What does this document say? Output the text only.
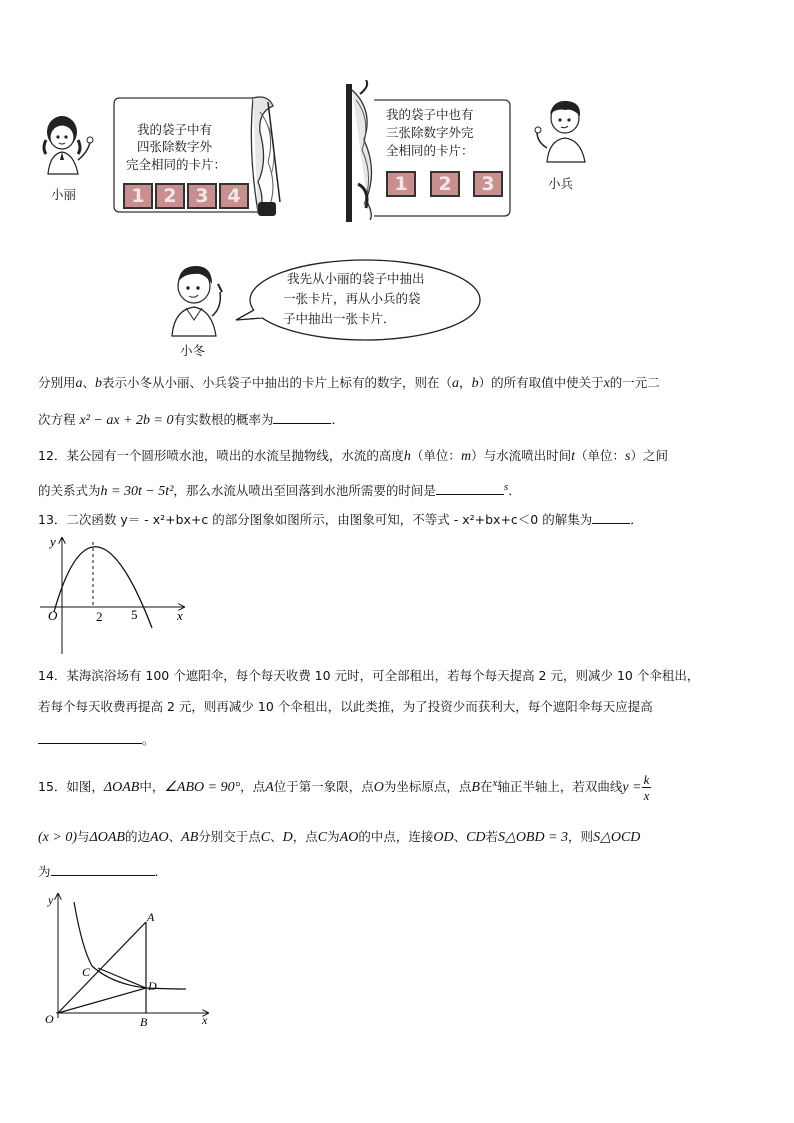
小丽
我的袋子中有
四张除数字外
完全相同的卡片：
1 2 3 4
我的袋子中也有
三张除数字外完
全相同的卡片：
1	2	3	小兵
小冬
我先从小丽的袋子中抽出
一张卡片，再从小兵的袋
子中抽出一张卡片．
分别用a、b表示小冬从小丽、小兵袋子中抽出的卡片上标有的数字，则在（a，b）的所有取值中使关于x的一元二
次方程 x² − ax + 2b = 0有实数根的概率为	．
12．某公园有一个圆形喷水池，喷出的水流呈抛物线，水流的高度h（单位：m）与水流喷出时间t（单位：s）之间
的关系式为h = 30t − 5t²，那么水流从喷出至回落到水池所需要的时间是	s．
13．二次函数 y＝ - x²+bx+c 的部分图象如图所示，由图象可知，不等式 - x²+bx+c＜0 的解集为	．
y
x
O	2 5
14．某海滨浴场有 100 个遮阳伞，每个每天收费 10 元时，可全部租出，若每个每天提高 2 元，则减少 10 个伞租出，
若每个每天收费再提高 2 元，则再减少 10 个伞租出，以此类推，为了投资少而获利大，每个遮阳伞每天应提高
。
15．如图，ΔOAB中，∠ABO = 90°，点A位于第一象限，点O为坐标原点，点B在x轴正半轴上，若双曲线$y = \frac{k}{x}$
(x > 0)与ΔOAB的边AO、AB分别交于点C、D，点C为AO的中点，连接OD、CD若S△OBD = 3，则S△OCD
为	.
y
x
O
A
B
C
D
